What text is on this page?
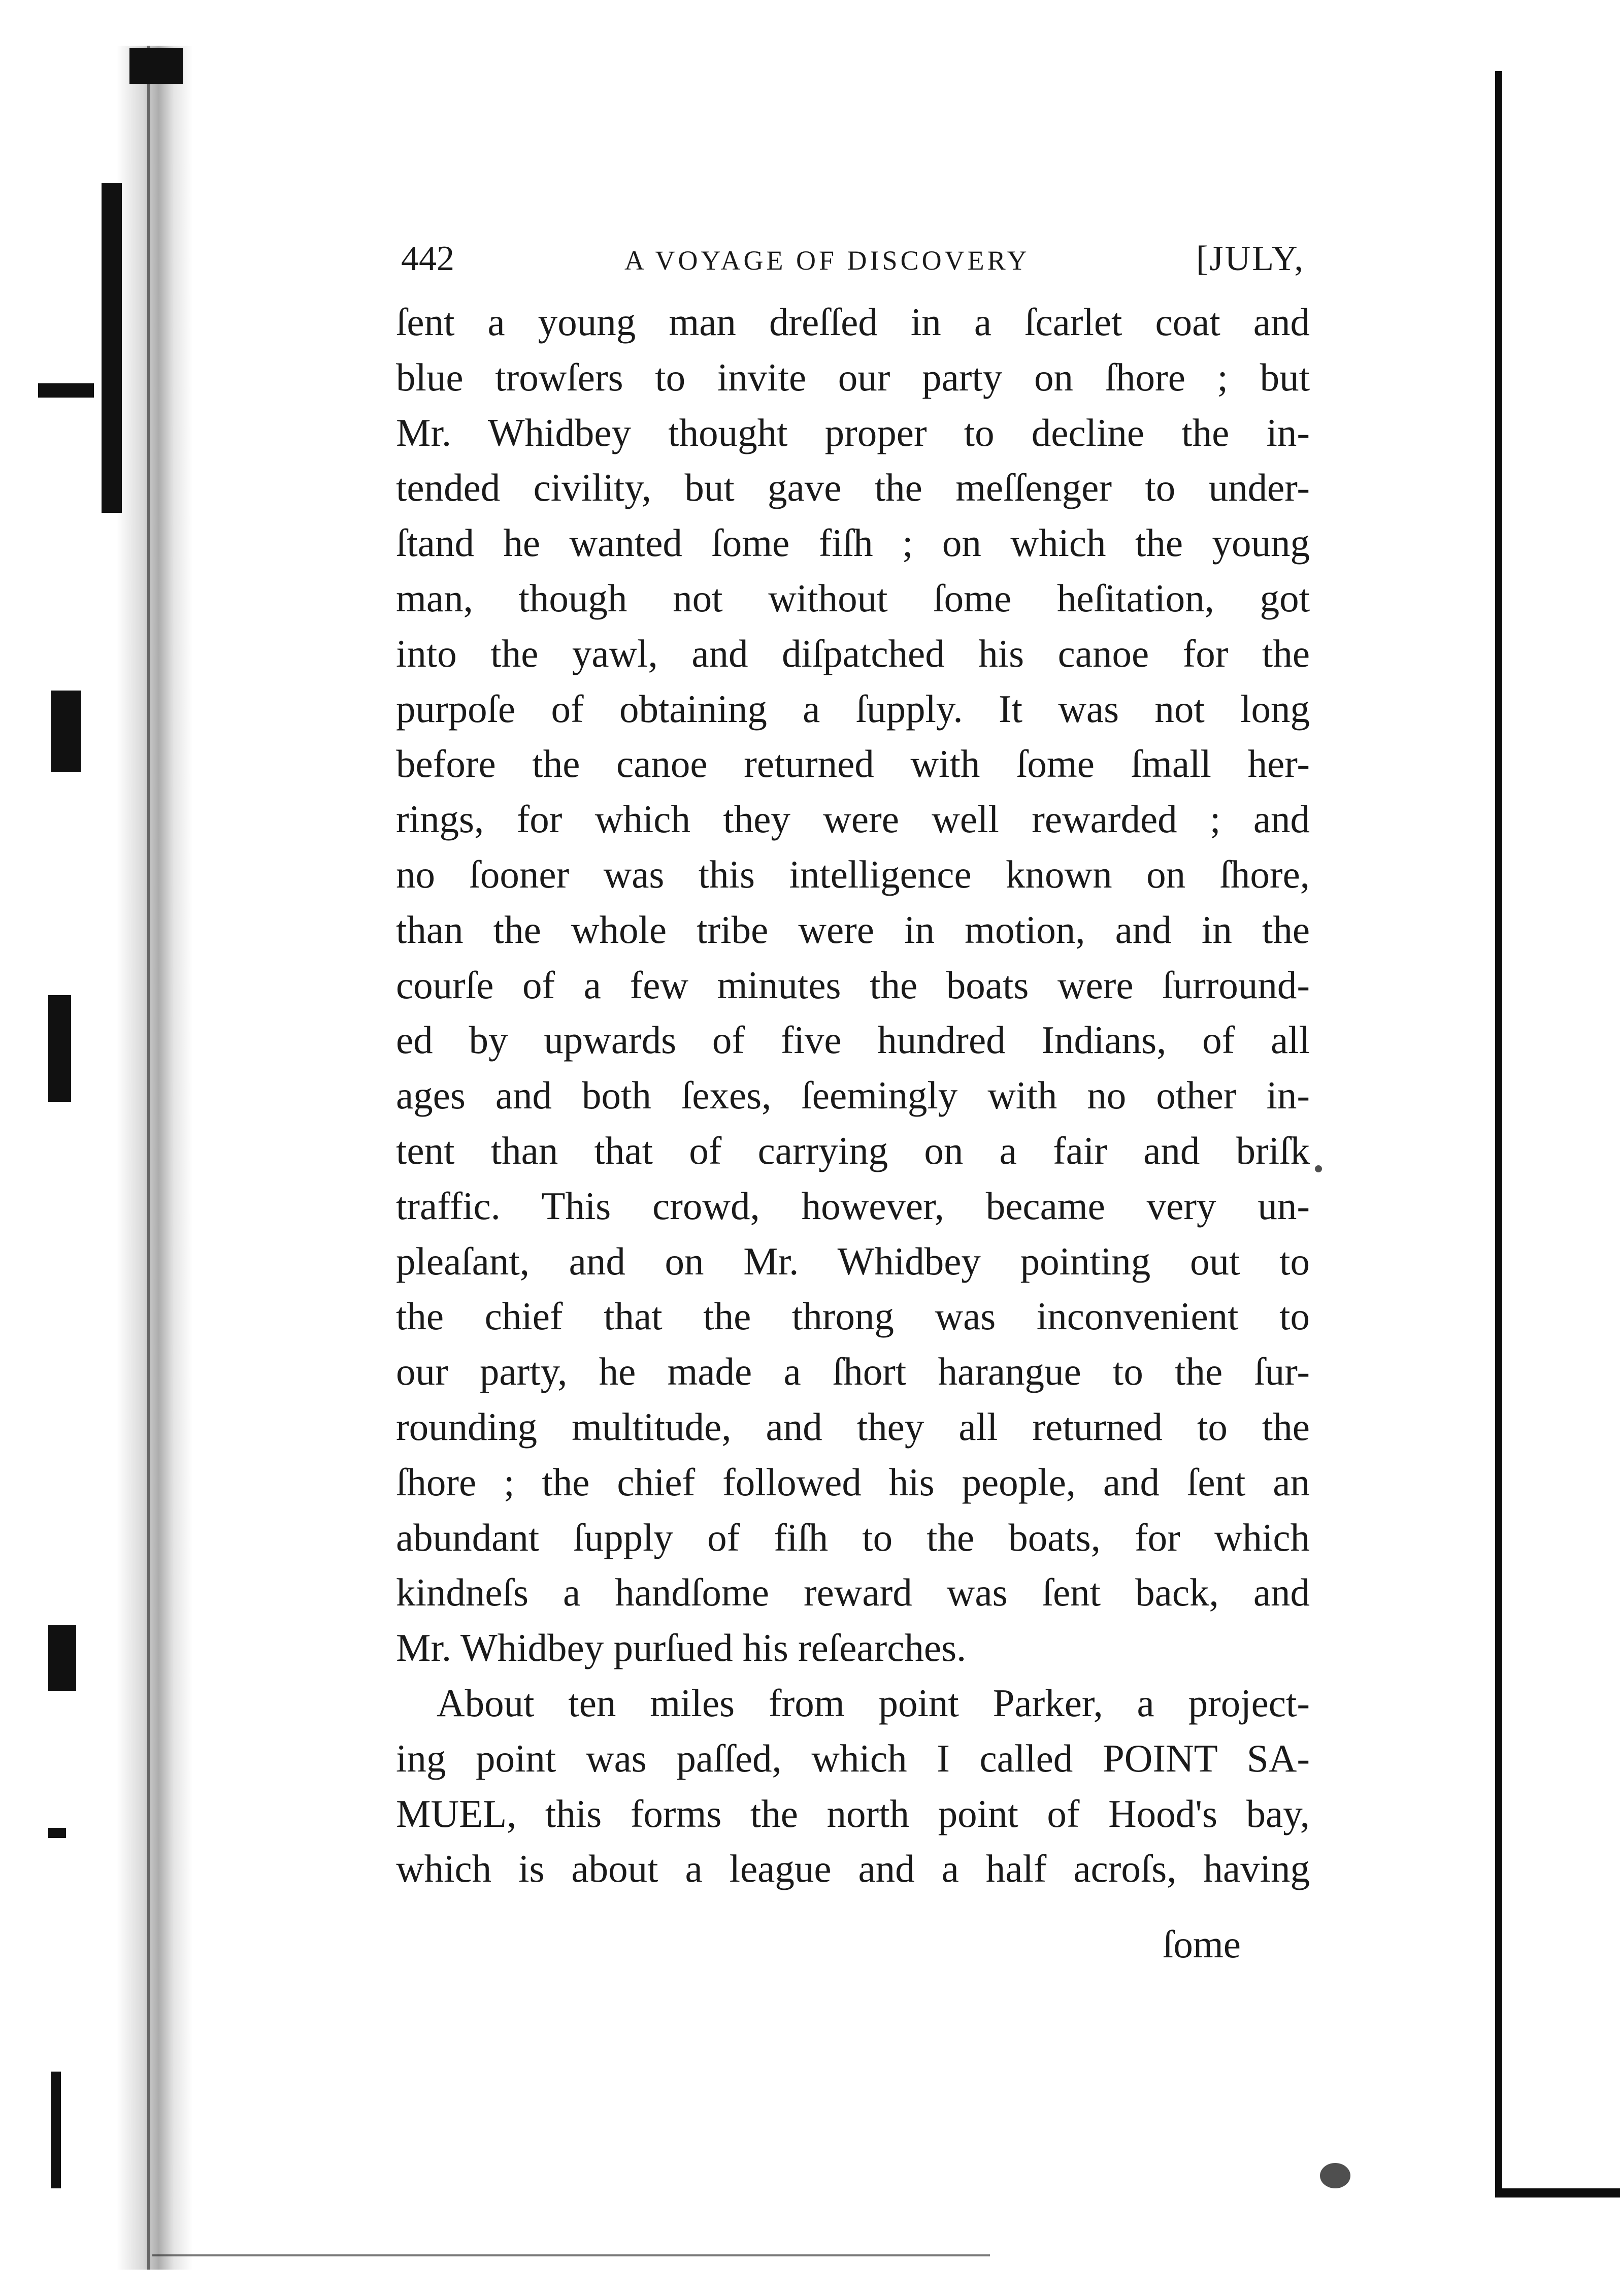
442	A VOYAGE OF DISCOVERY	[JULY,
ſent a young man dreſſed in a ſcarlet coat and
blue trowſers to invite our party on ſhore ; but
Mr. Whidbey thought proper to decline the in-
tended civility, but gave the meſſenger to under-
ſtand he wanted ſome fiſh ; on which the young
man, though not without ſome heſitation, got
into the yawl, and diſpatched his canoe for the
purpoſe of obtaining a ſupply. It was not long
before the canoe returned with ſome ſmall her-
rings, for which they were well rewarded ; and
no ſooner was this intelligence known on ſhore,
than the whole tribe were in motion, and in the
courſe of a few minutes the boats were ſurround-
ed by upwards of five hundred Indians, of all
ages and both ſexes, ſeemingly with no other in-
tent than that of carrying on a fair and briſk
traffic. This crowd, however, became very un-
pleaſant, and on Mr. Whidbey pointing out to
the chief that the throng was inconvenient to
our party, he made a ſhort harangue to the ſur-
rounding multitude, and they all returned to the
ſhore ; the chief followed his people, and ſent an
abundant ſupply of fiſh to the boats, for which
kindneſs a handſome reward was ſent back, and
Mr. Whidbey purſued his reſearches.
About ten miles from point Parker, a project-
ing point was paſſed, which I called POINT SA-
MUEL, this forms the north point of Hood's bay,
which is about a league and a half acroſs, having
ſome
